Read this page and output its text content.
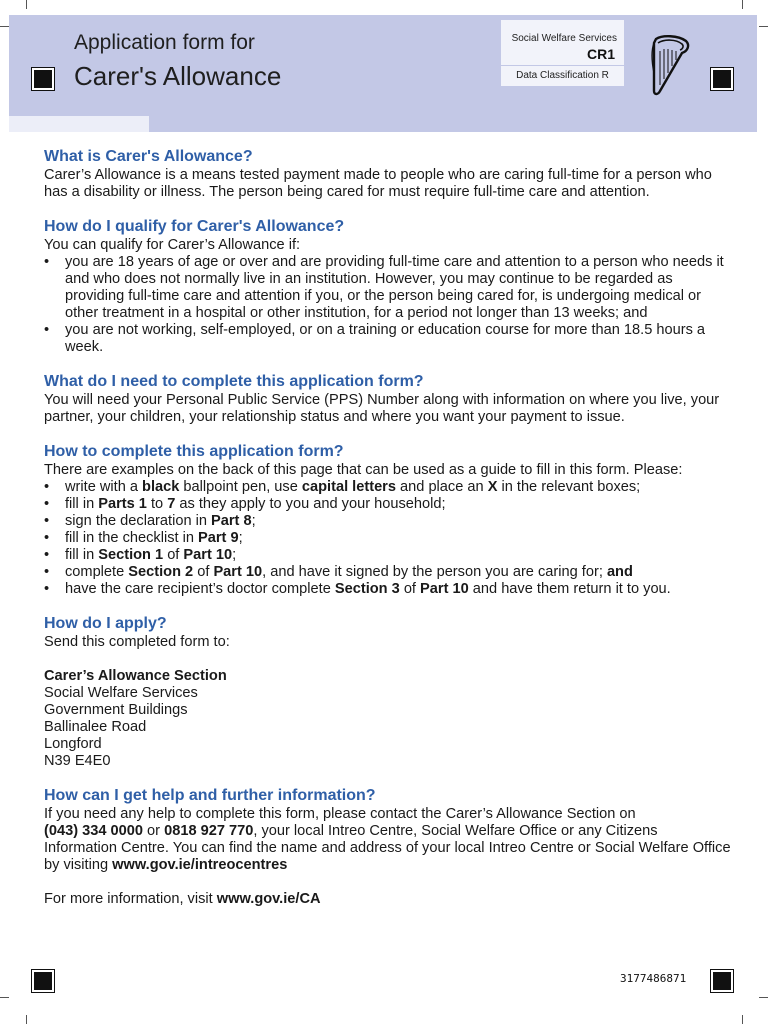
Application form for
Carer's Allowance
Social Welfare Services
CR1
Data Classification R
What is Carer's Allowance?

Carer’s Allowance is a means tested payment made to people who are caring full-time for a person who has a disability or illness. The person being cared for must require full-time care and attention.

How do I qualify for Carer's Allowance?

You can qualify for Carer’s Allowance if:

• you are 18 years of age or over and are providing full-time care and attention to a person who needs it and who does not normally live in an institution. However, you may continue to be regarded as providing full-time care and attention if you, or the person being cared for, is undergoing medical or other treatment in a hospital or other institution, for a period not longer than 13 weeks; and
• you are not working, self-employed, or on a training or education course for more than 18.5 hours a week.
What do I need to complete this application form?

You will need your Personal Public Service (PPS) Number along with information on where you live, your partner, your children, your relationship status and where you want your payment to issue.

How to complete this application form?

There are examples on the back of this page that can be used as a guide to fill in this form. Please:

• write with a black ballpoint pen, use capital letters and place an X in the relevant boxes;
• fill in Parts 1 to 7 as they apply to you and your household;
• sign the declaration in Part 8;
• fill in the checklist in Part 9;
• fill in Section 1 of Part 10;
• complete Section 2 of Part 10, and have it signed by the person you are caring for; and
• have the care recipient’s doctor complete Section 3 of Part 10 and have them return it to you.
How do I apply?

Send this completed form to:

Carer’s Allowance Section

Social Welfare Services

Government Buildings

Ballinalee Road

Longford

N39 E4E0

How can I get help and further information?

If you need any help to complete this form, please contact the Carer’s Allowance Section on
(043) 334 0000 or 0818 927 770, your local Intreo Centre, Social Welfare Office or any Citizens Information Centre. You can find the name and address of your local Intreo Centre or Social Welfare Office by visiting www.gov.ie/intreocentres

For more information, visit www.gov.ie/CA

3177486871
